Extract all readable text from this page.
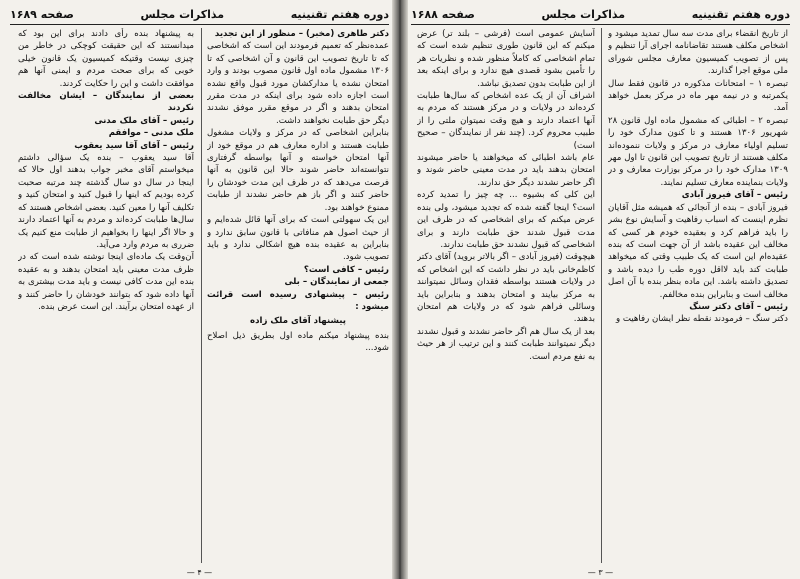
دوره هفتم تقنینیه
مذاکرات مجلس
صفحه ۱۶۸۹

دکتر طاهری (مخبر) – منظور از این تجدید

عمده‌نظر که تعمیم فرمودند این است که اشخاصی که تا تاریخ تصویب این قانون و آن اشخاصی که تا ۱۳۰۶ مشمول ماده اول قانون مصوب بودند و وارد امتحان نشده یا مدارکشان مورد قبول واقع نشده است اجازه داده شود برای اینکه در مدت مقرر امتحان بدهند و اگر در موقع مقرر موفق نشدند دیگر حق طبابت نخواهند داشت.

بنابراین اشخاصی که در مرکز و ولایات مشغول طبابت هستند و اداره معارف هم در موقع خود از آنها امتحان خواسته و آنها بواسطه گرفتاری نتوانسته‌اند حاضر شوند حالا این قانون به آنها فرصت می‌دهد که در ظرف این مدت خودشان را حاضر کنند و اگر باز هم حاضر نشدند از طبابت ممنوع خواهند بود.

این یک سهولتی است که برای آنها قائل شده‌ایم و از حیث اصول هم منافاتی با قانون سابق ندارد و بنابراین به عقیده بنده هیچ اشکالی ندارد و باید تصویب شود.

رئیس – کافی است؟

جمعی از نمایندگان – بلی

رئیس – پیشنهادی رسیده است قرائت میشود :

پیشنهاد آقای ملک زاده

بنده پیشنهاد میکنم ماده اول بطریق ذیل اصلاح شود...

به پیشنهاد بنده رأی دادند برای این بود که میدانستند که این حقیقت کوچکی در خاطر من چیزی نیست وقتیکه کمیسیون یک قانون خیلی خوبی که برای صحت مردم و ایمنی آنها هم موافقت داشت و این را حکایت کردند.

بعضی از نمایندگان – ایشان مخالفت نکردند

رئیس – آقای ملک مدنی

ملک مدنی – موافقم

رئیس – آقای آقا سید یعقوب

آقا سید یعقوب – بنده یک سؤالی داشتم میخواستم آقای مخبر جواب بدهند اول حالا که اینجا در سال دو سال گذشته چند مرتبه صحبت کرده بودیم که اینها را قبول کنید و امتحان کنید و تکلیف آنها را معین کنید. بعضی اشخاص هستند که سال‌ها طبابت کرده‌اند و مردم به آنها اعتماد دارند و حالا اگر اینها را بخواهیم از طبابت منع کنیم یک ضرری به مردم وارد می‌آید.

آن‌وقت یک ماده‌ای اینجا نوشته شده است که در ظرف مدت معینی باید امتحان بدهند و به عقیده بنده این مدت کافی نیست و باید مدت بیشتری به آنها داده شود که بتوانند خودشان را حاضر کنند و از عهده امتحان برآیند. این است عرض بنده.

— ۴ —
دوره هفتم تقنینیه
مذاکرات مجلس
صفحه ۱۶۸۸

از تاریخ انقضاء برای مدت سه سال تمدید میشود و اشخاص مکلف هستند تقاضانامه اجرای آرا تنظیم و پس از تصویب کمیسیون معارف مجلس شورای ملی موقع اجرا گذارند.

تبصره ۱ – امتحانات مذکوره در قانون فقط سال یکمرتبه و در نیمه مهر ماه در مرکز بعمل خواهد آمد.

تبصره ۲ – اطبائی که مشمول ماده اول قانون ۲۸ شهریور ۱۳۰۶ هستند و تا کنون مدارک خود را تسلیم اولیاء معارف در مرکز و ولایات ننموده‌اند مکلف هستند از تاریخ تصویب این قانون تا اول مهر ۱۳۰۹ مدارک خود را در مرکز بوزارت معارف و در ولایات بنماینده معارف تسلیم نمایند.

رئیس – آقای فیروز آبادی

فیروز آبادی – بنده از آنجائی که همیشه مثل آقایان نظرم اینست که اسباب رفاهیت و آسایش نوع بشر را باید فراهم کرد و بعقیده خودم هر کسی که مخالف این عقیده باشد از آن جهت است که بنده عقیده‌ام این است که یک طبیب وقتی که میخواهد طبابت کند باید لااقل دوره طب را دیده باشد و تصدیق داشته باشد. این ماده بنظر بنده با آن اصل مخالف است و بنابراین بنده مخالفم.

رئیس – آقای دکتر سنگ

دکتر سنگ – فرمودند نقطه نظر ایشان رفاهیت و

آسایش عمومی است (فرشی – بلند تر) عرض میکنم که این قانون طوری تنظیم شده است که تمام اشخاصی که کاملاً منظور شده و نظریات هر را تأمین بشود قصدی هیچ ندارد و برای اینکه بعد از این طبابت بدون تصدیق نباشد.

اشراف آن از یک عده اشخاص که سال‌ها طبابت کرده‌اند در ولایات و در مرکز هستند که مردم به آنها اعتماد دارند و هیچ وقت نمیتوان ملتی را از طبیب محروم کرد. (چند نفر از نمایندگان – صحیح است)

عام باشد اطبائی که میخواهند یا حاضر میشوند امتحان بدهند باید در مدت معینی حاضر شوند و اگر حاضر نشدند دیگر حق ندارند.

این کلی که بشیوه ... چه چیز را تمدید کرده است؟ اینجا گفته شده که تجدید میشود، ولی بنده عرض میکنم که برای اشخاصی که در ظرف این مدت قبول شدند حق طبابت دارند و برای اشخاصی که قبول نشدند حق طبابت ندارند.

هیچوقت (فیروز آبادی – اگر بالاتر بروید) آقای دکتر کاظم‌خانی باید در نظر داشت که این اشخاص که در ولایات هستند بواسطه فقدان وسائل نمیتوانند به مرکز بیایند و امتحان بدهند و بنابراین باید وسائلی فراهم شود که در ولایات هم امتحان بدهند.

بعد از یک سال هم اگر حاضر نشدند و قبول نشدند دیگر نمیتوانند طبابت کنند و این ترتیب از هر حیث به نفع مردم است.

— ۳ —
